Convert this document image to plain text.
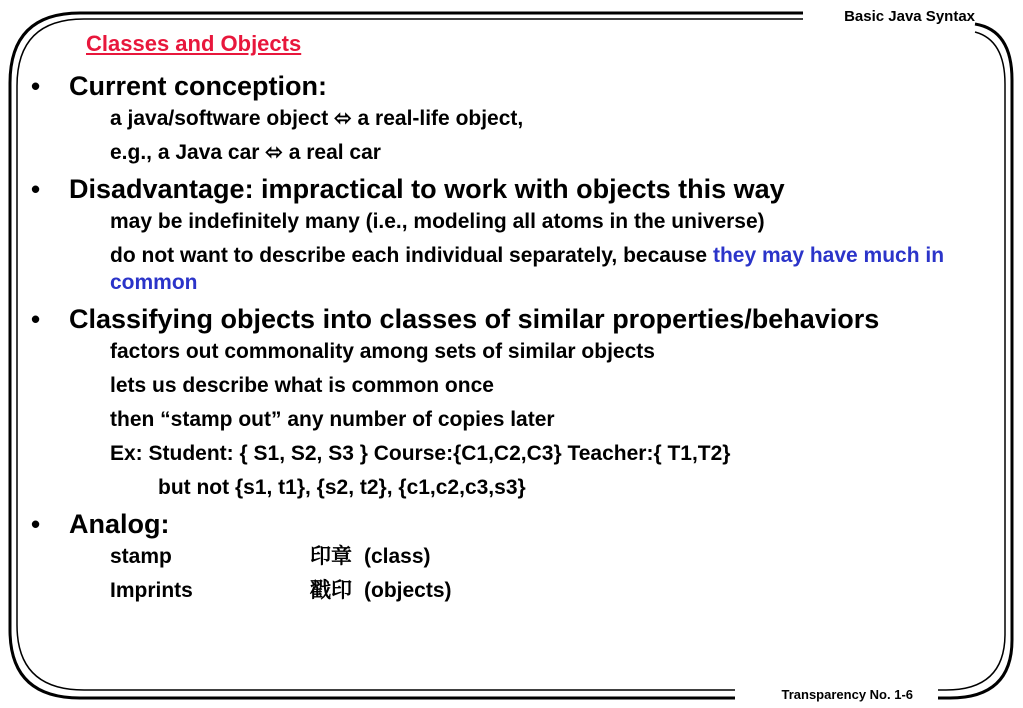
Basic Java Syntax
Classes and Objects
• Current conception:
a java/software object ⬄ a real-life object,
e.g., a Java car ⬄ a real car
• Disadvantage: impractical to work with objects this way
may be indefinitely many (i.e., modeling all atoms in the universe)
do not want to describe each individual separately, because they may have much in common
• Classifying objects into classes of similar properties/behaviors
factors out commonality among sets of similar objects
lets us describe what is common once
then “stamp out” any number of copies later
Ex: Student: { S1, S2, S3 } Course:{C1,C2,C3} Teacher:{ T1,T2}
but not {s1, t1}, {s2, t2}, {c1,c2,c3,s3}
• Analog:
stamp	印章 (class)
Imprints	戳印 (objects)
Transparency No. 1-6
